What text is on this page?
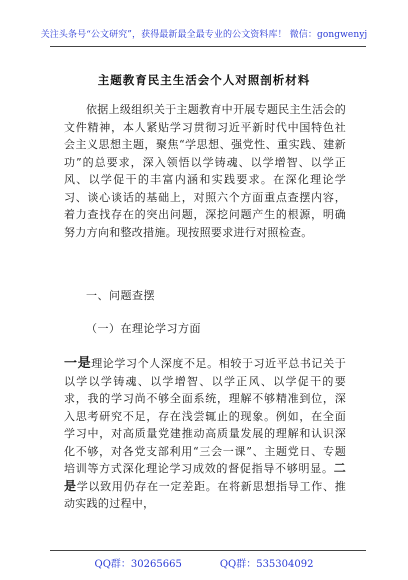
关注头条号“公文研究”，获得最新最全最专业的公文资料库！ 微信：gongwenyj
主题教育民主生活会个人对照剖析材料

依据上级组织关于主题教育中开展专题民主生活会的文件精神，本人紧贴学习贯彻习近平新时代中国特色社会主义思想主题，聚焦“学思想、强党性、重实践、建新功”的总要求，深入领悟以学铸魂、以学增智、以学正风、以学促干的丰富内涵和实践要求。在深化理论学习、谈心谈话的基础上，对照六个方面重点查摆内容，着力查找存在的突出问题，深挖问题产生的根源，明确努力方向和整改措施。现按照要求进行对照检查。

一、问题查摆
（一）在理论学习方面

一是理论学习个人深度不足。相较于习近平总书记关于以学以学铸魂、以学增智、以学正风、以学促干的要求，我的学习尚不够全面系统，理解不够精准到位，深入思考研究不足，存在浅尝辄止的现象。例如，在全面学习中，对高质量党建推动高质量发展的理解和认识深化不够，对各党支部利用“三会一课”、主题党日、专题培训等方式深化理论学习成效的督促指导不够明显。二是学以致用仍存在一定差距。在将新思想指导工作、推动实践的过程中，

QQ群：30265665	QQ群：535304092
